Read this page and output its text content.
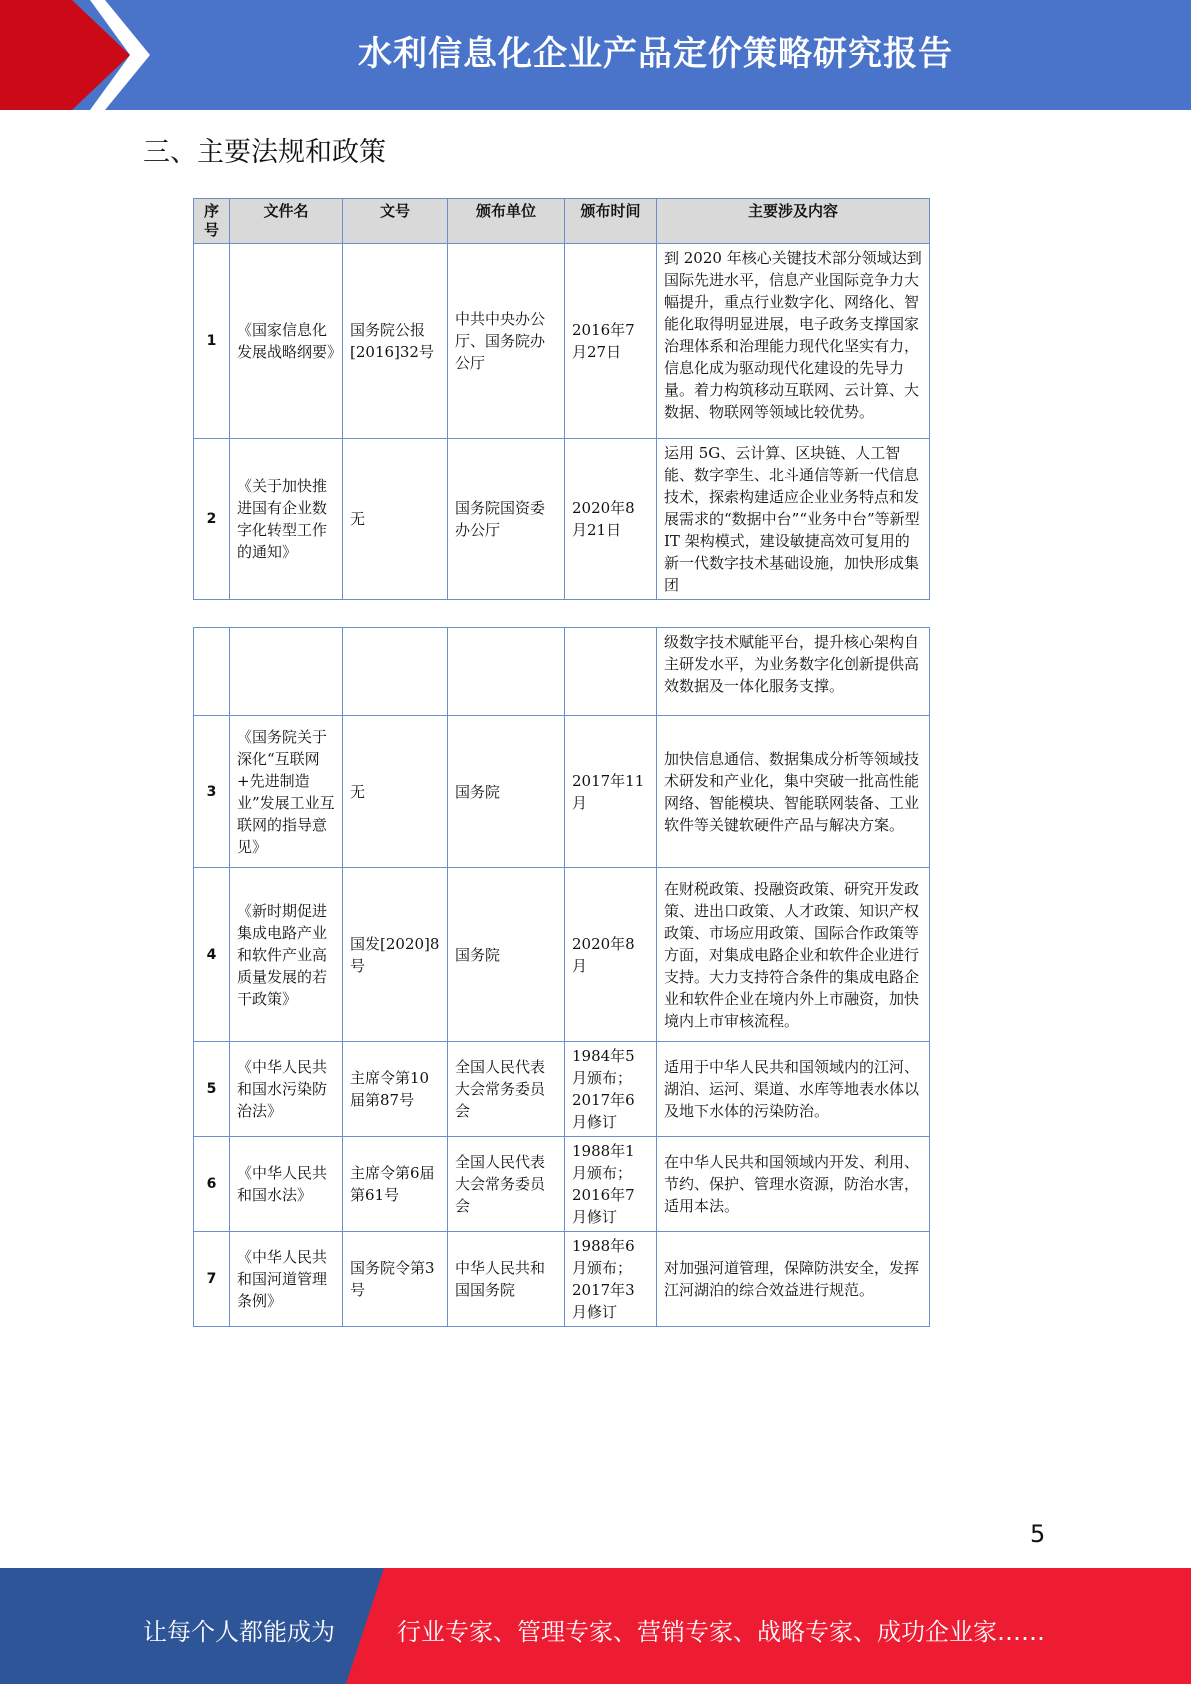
水利信息化企业产品定价策略研究报告
三、主要法规和政策
序号	文件名	文号	颁布单位	颁布时间	主要涉及内容
1	《国家信息化发展战略纲要》	国务院公报[2016]32号	中共中央办公厅、国务院办公厅	2016年7月27日	到 2020 年核心关键技术部分领域达到国际先进水平，信息产业国际竞争力大幅提升，重点行业数字化、网络化、智能化取得明显进展，电子政务支撑国家治理体系和治理能力现代化坚实有力，信息化成为驱动现代化建设的先导力量。着力构筑移动互联网、云计算、大数据、物联网等领域比较优势。
2	《关于加快推进国有企业数字化转型工作的通知》	无	国务院国资委办公厅	2020年8月21日	运用 5G、云计算、区块链、人工智能、数字孪生、北斗通信等新一代信息技术，探索构建适应企业业务特点和发展需求的“数据中台”“业务中台”等新型 IT 架构模式，建设敏捷高效可复用的新一代数字技术基础设施，加快形成集团
					级数字技术赋能平台，提升核心架构自主研发水平，为业务数字化创新提供高效数据及一体化服务支撑。
3	《国务院关于深化“互联网+先进制造业”发展工业互联网的指导意见》	无	国务院	2017年11月	加快信息通信、数据集成分析等领域技术研发和产业化，集中突破一批高性能网络、智能模块、智能联网装备、工业软件等关键软硬件产品与解决方案。
4	《新时期促进集成电路产业和软件产业高质量发展的若干政策》	国发[2020]8号	国务院	2020年8月	在财税政策、投融资政策、研究开发政策、进出口政策、人才政策、知识产权政策、市场应用政策、国际合作政策等方面，对集成电路企业和软件企业进行支持。大力支持符合条件的集成电路企业和软件企业在境内外上市融资，加快境内上市审核流程。
5	《中华人民共和国水污染防治法》	主席令第10届第87号	全国人民代表大会常务委员会	1984年5月颁布；2017年6月修订	适用于中华人民共和国领域内的江河、湖泊、运河、渠道、水库等地表水体以及地下水体的污染防治。
6	《中华人民共和国水法》	主席令第6届第61号	全国人民代表大会常务委员会	1988年1月颁布；2016年7月修订	在中华人民共和国领域内开发、利用、节约、保护、管理水资源，防治水害，适用本法。
7	《中华人民共和国河道管理条例》	国务院令第3号	中华人民共和国国务院	1988年6月颁布；2017年3月修订	对加强河道管理，保障防洪安全，发挥江河湖泊的综合效益进行规范。
5
让每个人都能成为	行业专家、管理专家、营销专家、战略专家、成功企业家……
